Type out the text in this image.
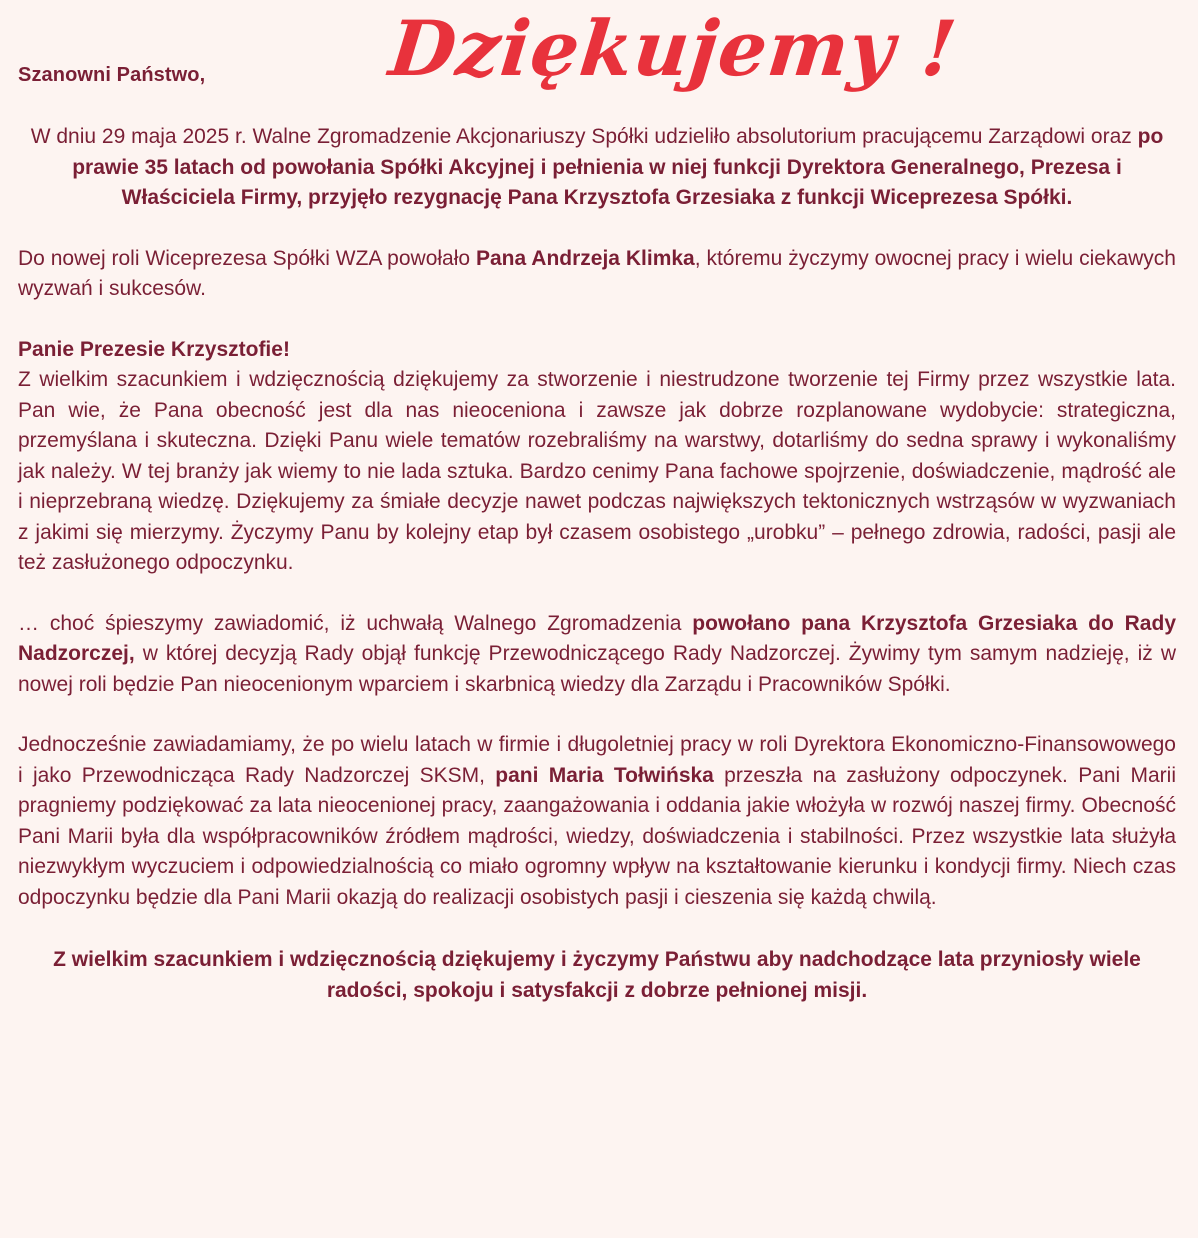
Szanowni Państwo, Dziękujemy !

W dniu 29 maja 2025 r. Walne Zgromadzenie Akcjonariuszy Spółki udzieliło absolutorium pracującemu Zarządowi oraz po prawie 35 latach od powołania Spółki Akcyjnej i pełnienia w niej funkcji Dyrektora Generalnego, Prezesa i Właściciela Firmy, przyjęło rezygnację Pana Krzysztofa Grzesiaka z funkcji Wiceprezesa Spółki.

Do nowej roli Wiceprezesa Spółki WZA powołało Pana Andrzeja Klimka, któremu życzymy owocnej pracy i wielu ciekawych wyzwań i sukcesów.

Panie Prezesie Krzysztofie!

Z wielkim szacunkiem i wdzięcznością dziękujemy za stworzenie i niestrudzone tworzenie tej Firmy przez wszystkie lata. Pan wie, że Pana obecność jest dla nas nieoceniona i zawsze jak dobrze rozplanowane wydobycie: strategiczna, przemyślana i skuteczna. Dzięki Panu wiele tematów rozebraliśmy na warstwy, dotarliśmy do sedna sprawy i wykonaliśmy jak należy. W tej branży jak wiemy to nie lada sztuka. Bardzo cenimy Pana fachowe spojrzenie, doświadczenie, mądrość ale i nieprzebraną wiedzę. Dziękujemy za śmiałe decyzje nawet podczas największych tektonicznych wstrząsów w wyzwaniach z jakimi się mierzymy. Życzymy Panu by kolejny etap był czasem osobistego „urobku” – pełnego zdrowia, radości, pasji ale też zasłużonego odpoczynku.

… choć śpieszymy zawiadomić, iż uchwałą Walnego Zgromadzenia powołano pana Krzysztofa Grzesiaka do Rady Nadzorczej, w której decyzją Rady objął funkcję Przewodniczącego Rady Nadzorczej. Żywimy tym samym nadzieję, iż w nowej roli będzie Pan nieocenionym wparciem i skarbnicą wiedzy dla Zarządu i Pracowników Spółki.

Jednocześnie zawiadamiamy, że po wielu latach w firmie i długoletniej pracy w roli Dyrektora Ekonomiczno-Finansowowego i jako Przewodnicząca Rady Nadzorczej SKSM, pani Maria Tołwińska przeszła na zasłużony odpoczynek. Pani Marii pragniemy podziękować za lata nieocenionej pracy, zaangażowania i oddania jakie włożyła w rozwój naszej firmy. Obecność Pani Marii była dla współpracowników źródłem mądrości, wiedzy, doświadczenia i stabilności. Przez wszystkie lata służyła niezwykłym wyczuciem i odpowiedzialnością co miało ogromny wpływ na kształtowanie kierunku i kondycji firmy. Niech czas odpoczynku będzie dla Pani Marii okazją do realizacji osobistych pasji i cieszenia się każdą chwilą.

Z wielkim szacunkiem i wdzięcznością dziękujemy i życzymy Państwu aby nadchodzące lata przyniosły wiele radości, spokoju i satysfakcji z dobrze pełnionej misji.
